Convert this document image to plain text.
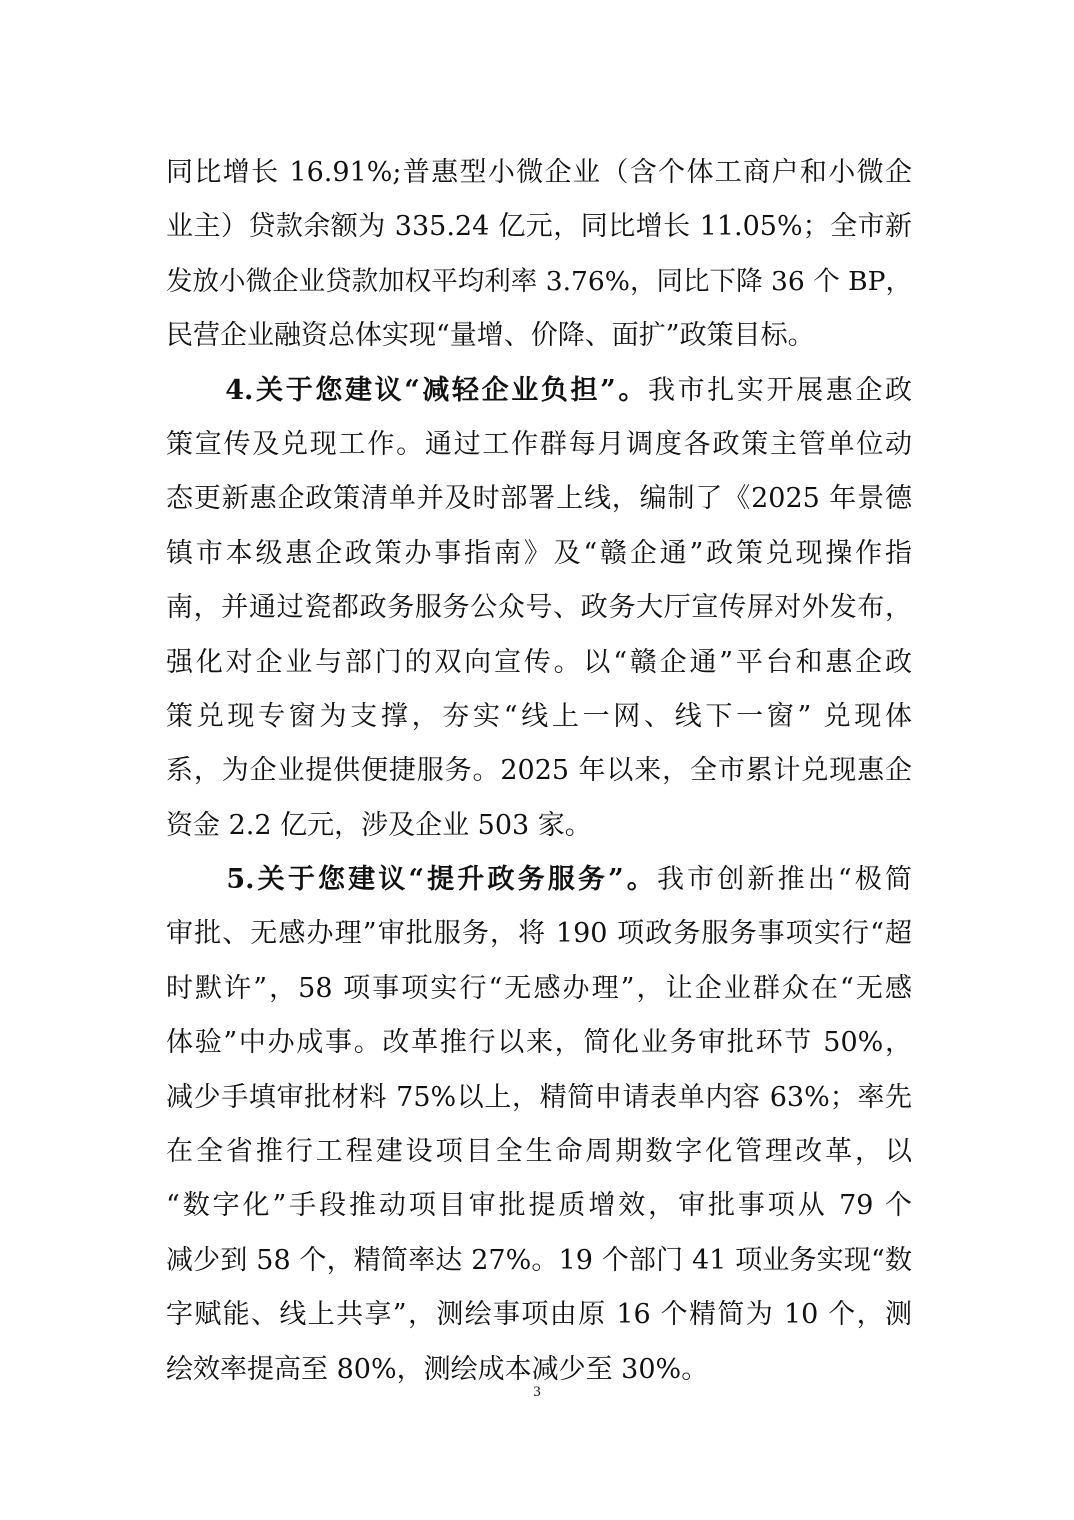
同比增长 16.91%;普惠型小微企业（含个体工商户和小微企
业主）贷款余额为 335.24 亿元，同比增长 11.05%；全市新
发放小微企业贷款加权平均利率 3.76%，同比下降 36 个 BP，
民营企业融资总体实现“量增、价降、面扩”政策目标。
　　4.关于您建议“减轻企业负担”。我市扎实开展惠企政
策宣传及兑现工作。通过工作群每月调度各政策主管单位动
态更新惠企政策清单并及时部署上线，编制了《2025 年景德
镇市本级惠企政策办事指南》及“赣企通”政策兑现操作指
南，并通过瓷都政务服务公众号、政务大厅宣传屏对外发布，
强化对企业与部门的双向宣传。以“赣企通”平台和惠企政
策兑现专窗为支撑，夯实“线上一网、线下一窗” 兑现体
系，为企业提供便捷服务。2025 年以来，全市累计兑现惠企
资金 2.2 亿元，涉及企业 503 家。
　　5.关于您建议“提升政务服务”。我市创新推出“极简
审批、无感办理”审批服务，将 190 项政务服务事项实行“超
时默许”，58 项事项实行“无感办理”，让企业群众在“无感
体验”中办成事。改革推行以来，简化业务审批环节 50%，
减少手填审批材料 75%以上，精简申请表单内容 63%；率先
在全省推行工程建设项目全生命周期数字化管理改革，以
“数字化”手段推动项目审批提质增效，审批事项从 79 个
减少到 58 个，精简率达 27%。19 个部门 41 项业务实现“数
字赋能、线上共享”，测绘事项由原 16 个精简为 10 个，测
绘效率提高至 80%，测绘成本减少至 30%。
3
